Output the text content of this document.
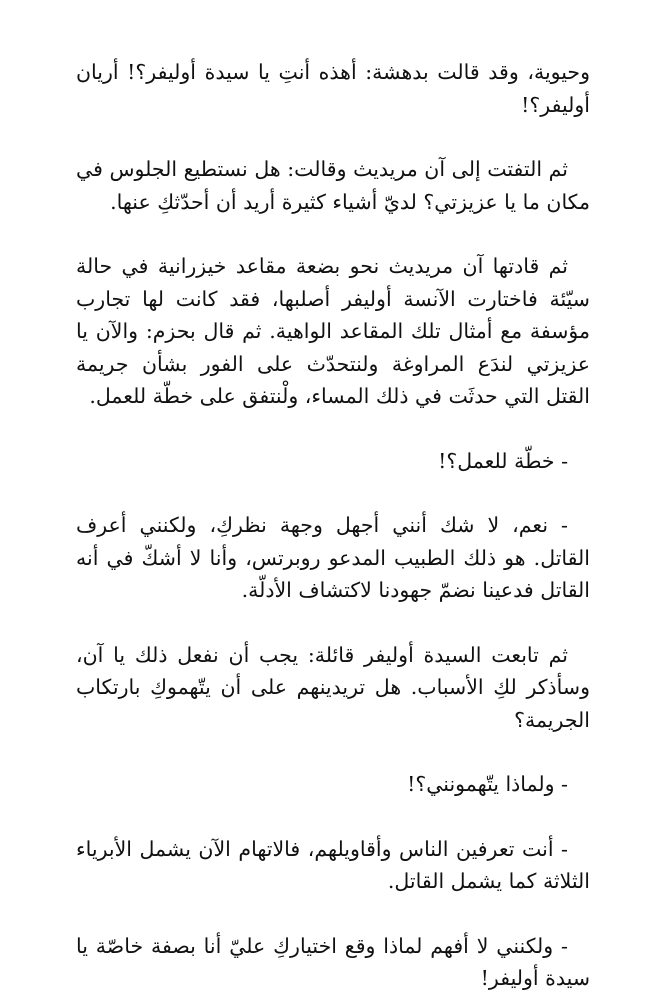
وحيوية، وقد قالت بدهشة: أهذه أنتِ يا سيدة أوليفر؟! أريان أوليفر؟!

ثم التفتت إلى آن مريديث وقالت: هل نستطيع الجلوس في مكان ما يا عزيزتي؟ لديّ أشياء كثيرة أريد أن أحدّثكِ عنها.

ثم قادتها آن مريديث نحو بضعة مقاعد خيزرانية في حالة سيّئة فاختارت الآنسة أوليفر أصلبها، فقد كانت لها تجارب مؤسفة مع أمثال تلك المقاعد الواهية. ثم قال بحزم: والآن يا عزيزتي لندَع المراوغة ولنتحدّث على الفور بشأن جريمة القتل التي حدثَت في ذلك المساء، ولْنتفق على خطّة للعمل.

- خطّة للعمل؟!

- نعم، لا شك أنني أجهل وجهة نظركِ، ولكنني أعرف القاتل. هو ذلك الطبيب المدعو روبرتس، وأنا لا أشكّ في أنه القاتل فدعينا نضمّ جهودنا لاكتشاف الأدلّة.

ثم تابعت السيدة أوليفر قائلة: يجب أن نفعل ذلك يا آن، وسأذكر لكِ الأسباب. هل تريدينهم على أن يتّهموكِ بارتكاب الجريمة؟

- ولماذا يتّهمونني؟!

- أنت تعرفين الناس وأقاويلهم، فالاتهام الآن يشمل الأبرياء الثلاثة كما يشمل القاتل.

- ولكنني لا أفهم لماذا وقع اختياركِ عليّ أنا بصفة خاصّة يا سيدة أوليفر!
